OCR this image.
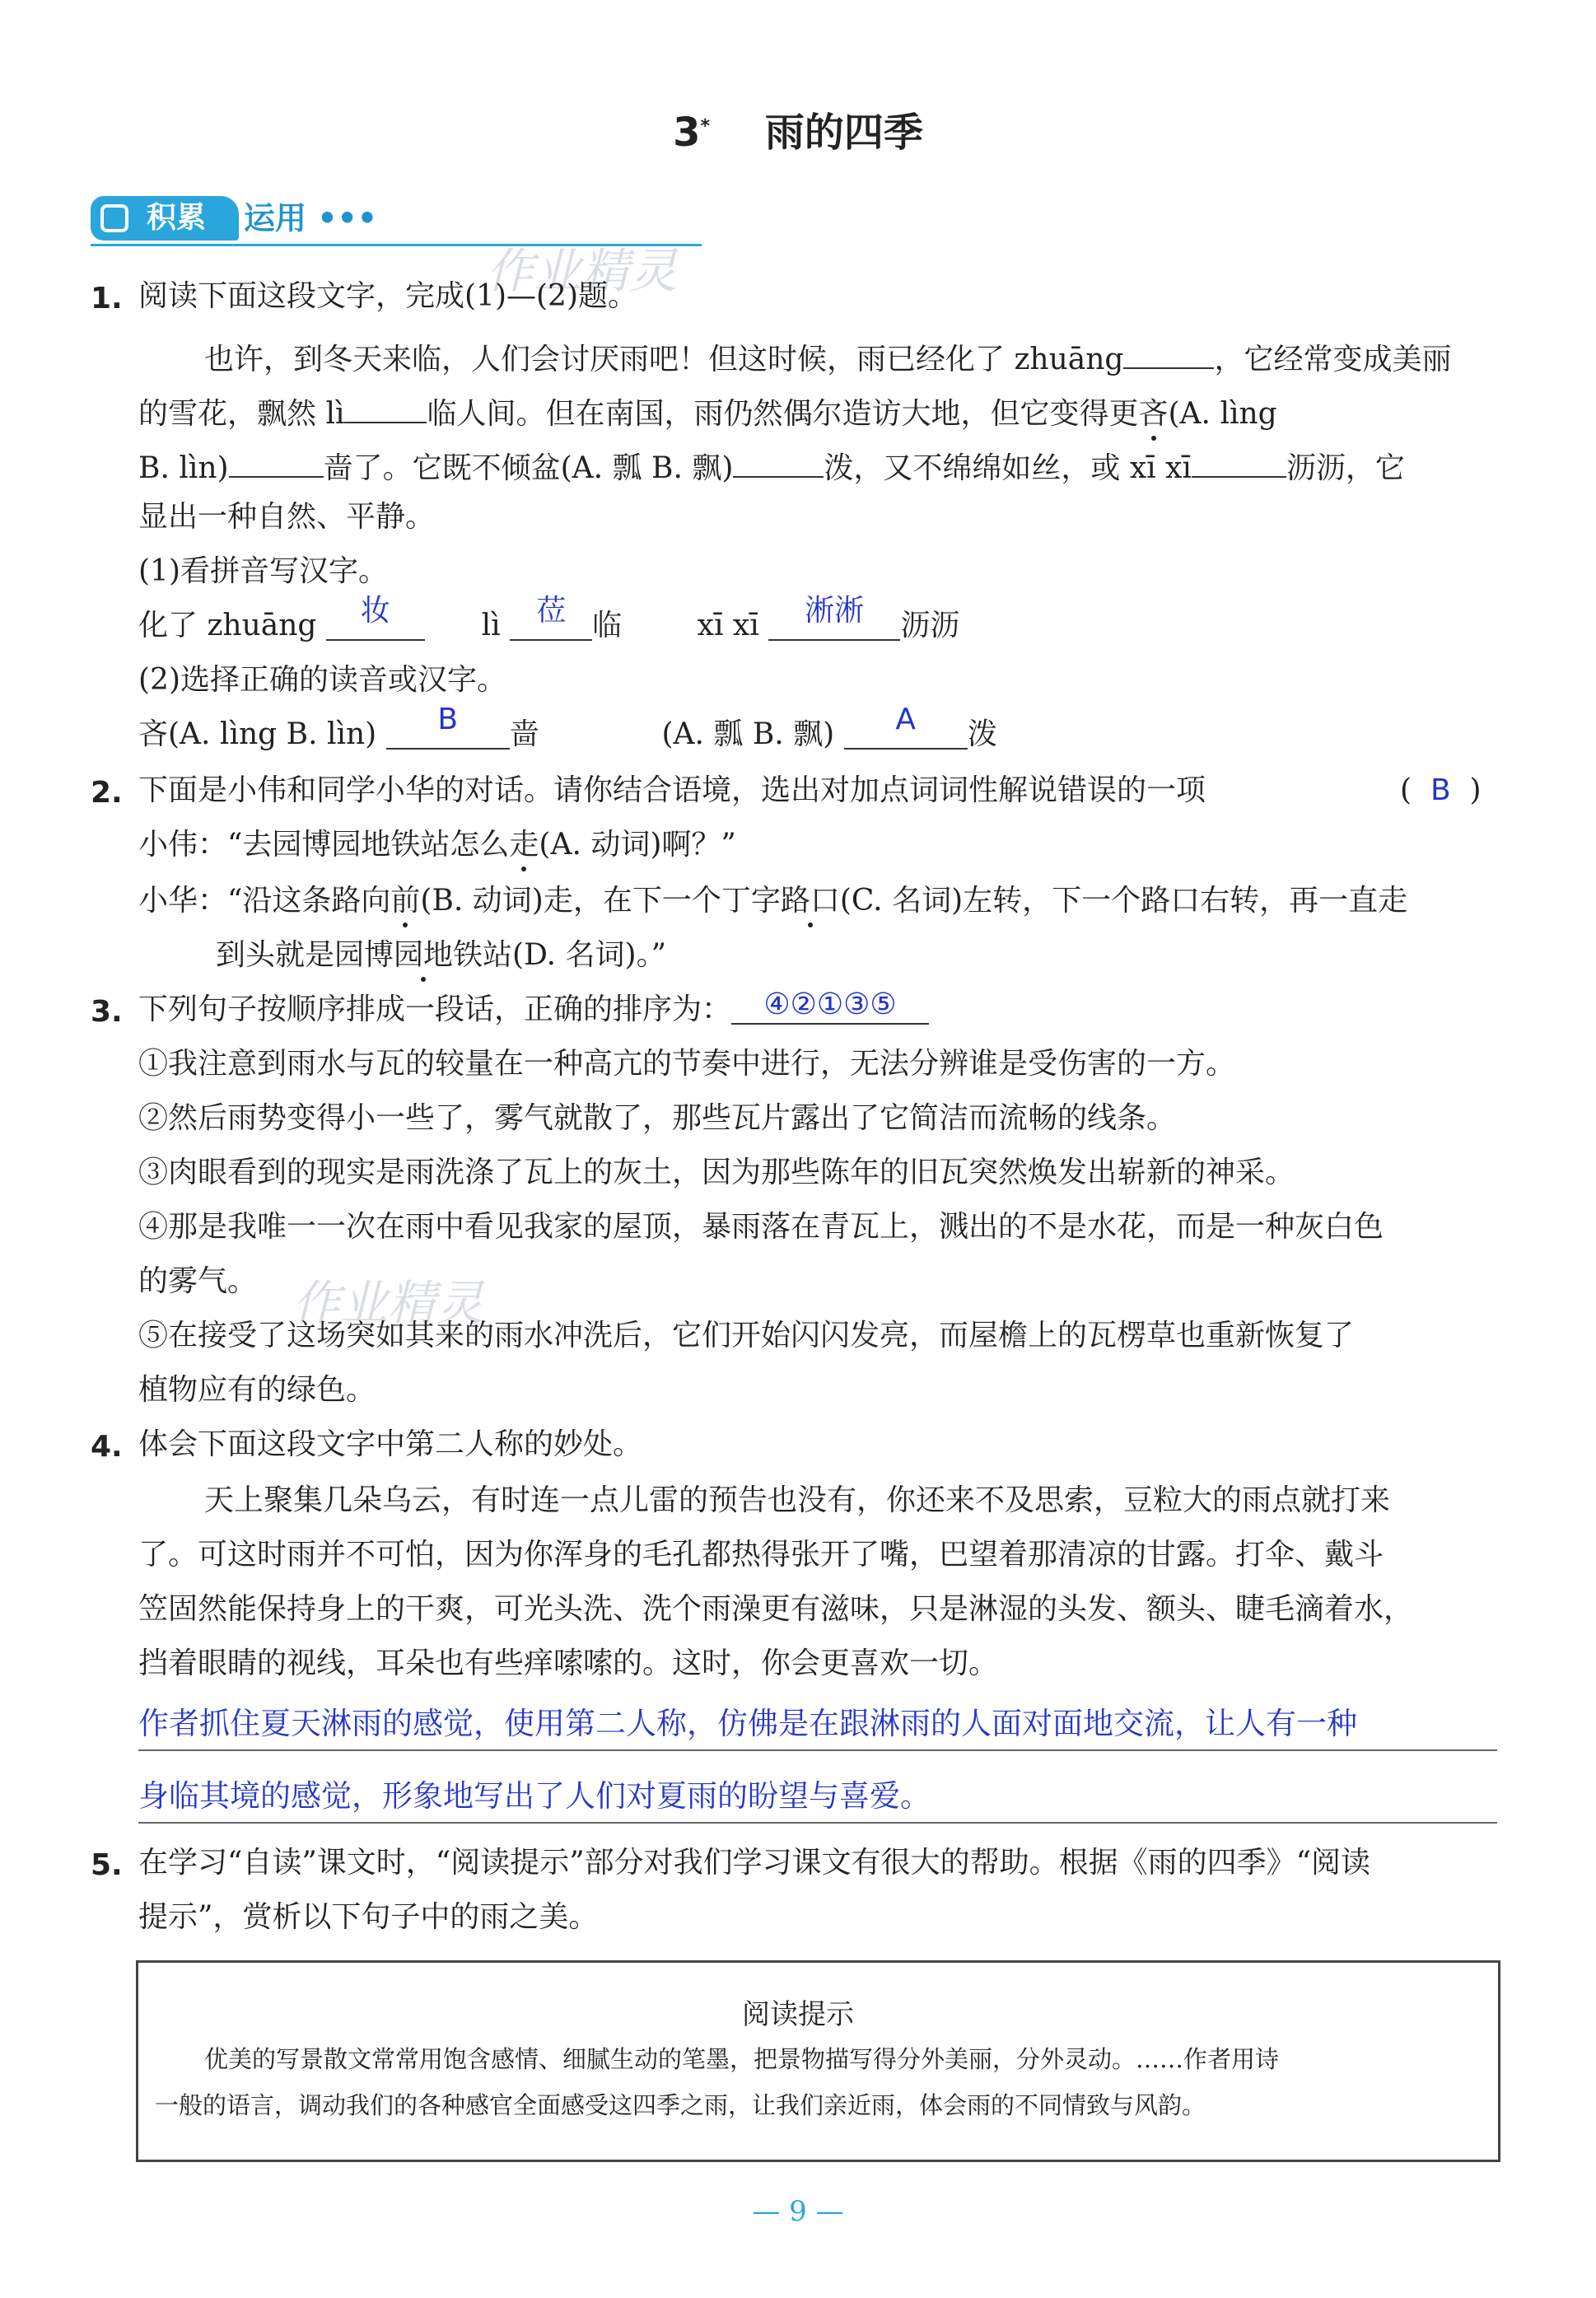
3* 雨的四季
积累	运用 •••
作业精灵
作业精灵
1. 阅读下面这段文字，完成(1)—(2)题。
也许，到冬天来临，人们会讨厌雨吧！但这时候，雨已经化了 zhuāng	，它经常变成美丽
的雪花，飘然 lì	临人间。但在南国，雨仍然偶尔造访大地，但它变得更吝(A. lìng
B. lìn)	啬了。它既不倾盆(A. 瓢 B. 飘)	泼，又不绵绵如丝，或 xī xī	沥沥，它
显出一种自然、平静。
(1)看拼音写汉字。
化了 zhuāng 妆	lì 莅 临	xī xī 淅淅 沥沥
(2)选择正确的读音或汉字。
吝(A. lìng B. lìn) B 啬	(A. 瓢 B. 飘) A 泼
2. 下面是小伟和同学小华的对话。请你结合语境，选出对加点词词性解说错误的一项	( B )
小伟：“去园博园地铁站怎么走(A. 动词)啊？”
小华：“沿这条路向前(B. 动词)走，在下一个丁字路口(C. 名词)左转，下一个路口右转，再一直走
到头就是园博园地铁站(D. 名词)。”
3. 下列句子按顺序排成一段话，正确的排序为： ④②①③⑤
①我注意到雨水与瓦的较量在一种高亢的节奏中进行，无法分辨谁是受伤害的一方。
②然后雨势变得小一些了，雾气就散了，那些瓦片露出了它简洁而流畅的线条。
③肉眼看到的现实是雨洗涤了瓦上的灰土，因为那些陈年的旧瓦突然焕发出崭新的神采。
④那是我唯一一次在雨中看见我家的屋顶，暴雨落在青瓦上，溅出的不是水花，而是一种灰白色
的雾气。
⑤在接受了这场突如其来的雨水冲洗后，它们开始闪闪发亮，而屋檐上的瓦楞草也重新恢复了
植物应有的绿色。
4. 体会下面这段文字中第二人称的妙处。
天上聚集几朵乌云，有时连一点儿雷的预告也没有，你还来不及思索，豆粒大的雨点就打来
了。可这时雨并不可怕，因为你浑身的毛孔都热得张开了嘴，巴望着那清凉的甘露。打伞、戴斗
笠固然能保持身上的干爽，可光头洗、洗个雨澡更有滋味，只是淋湿的头发、额头、睫毛滴着水，
挡着眼睛的视线，耳朵也有些痒嗦嗦的。这时，你会更喜欢一切。
作者抓住夏天淋雨的感觉，使用第二人称，仿佛是在跟淋雨的人面对面地交流，让人有一种
身临其境的感觉，形象地写出了人们对夏雨的盼望与喜爱。
5. 在学习“自读”课文时，“阅读提示”部分对我们学习课文有很大的帮助。根据《雨的四季》“阅读
提示”，赏析以下句子中的雨之美。
阅读提示
优美的写景散文常常用饱含感情、细腻生动的笔墨，把景物描写得分外美丽，分外灵动。……作者用诗
一般的语言，调动我们的各种感官全面感受这四季之雨，让我们亲近雨，体会雨的不同情致与风韵。
— 9 —
